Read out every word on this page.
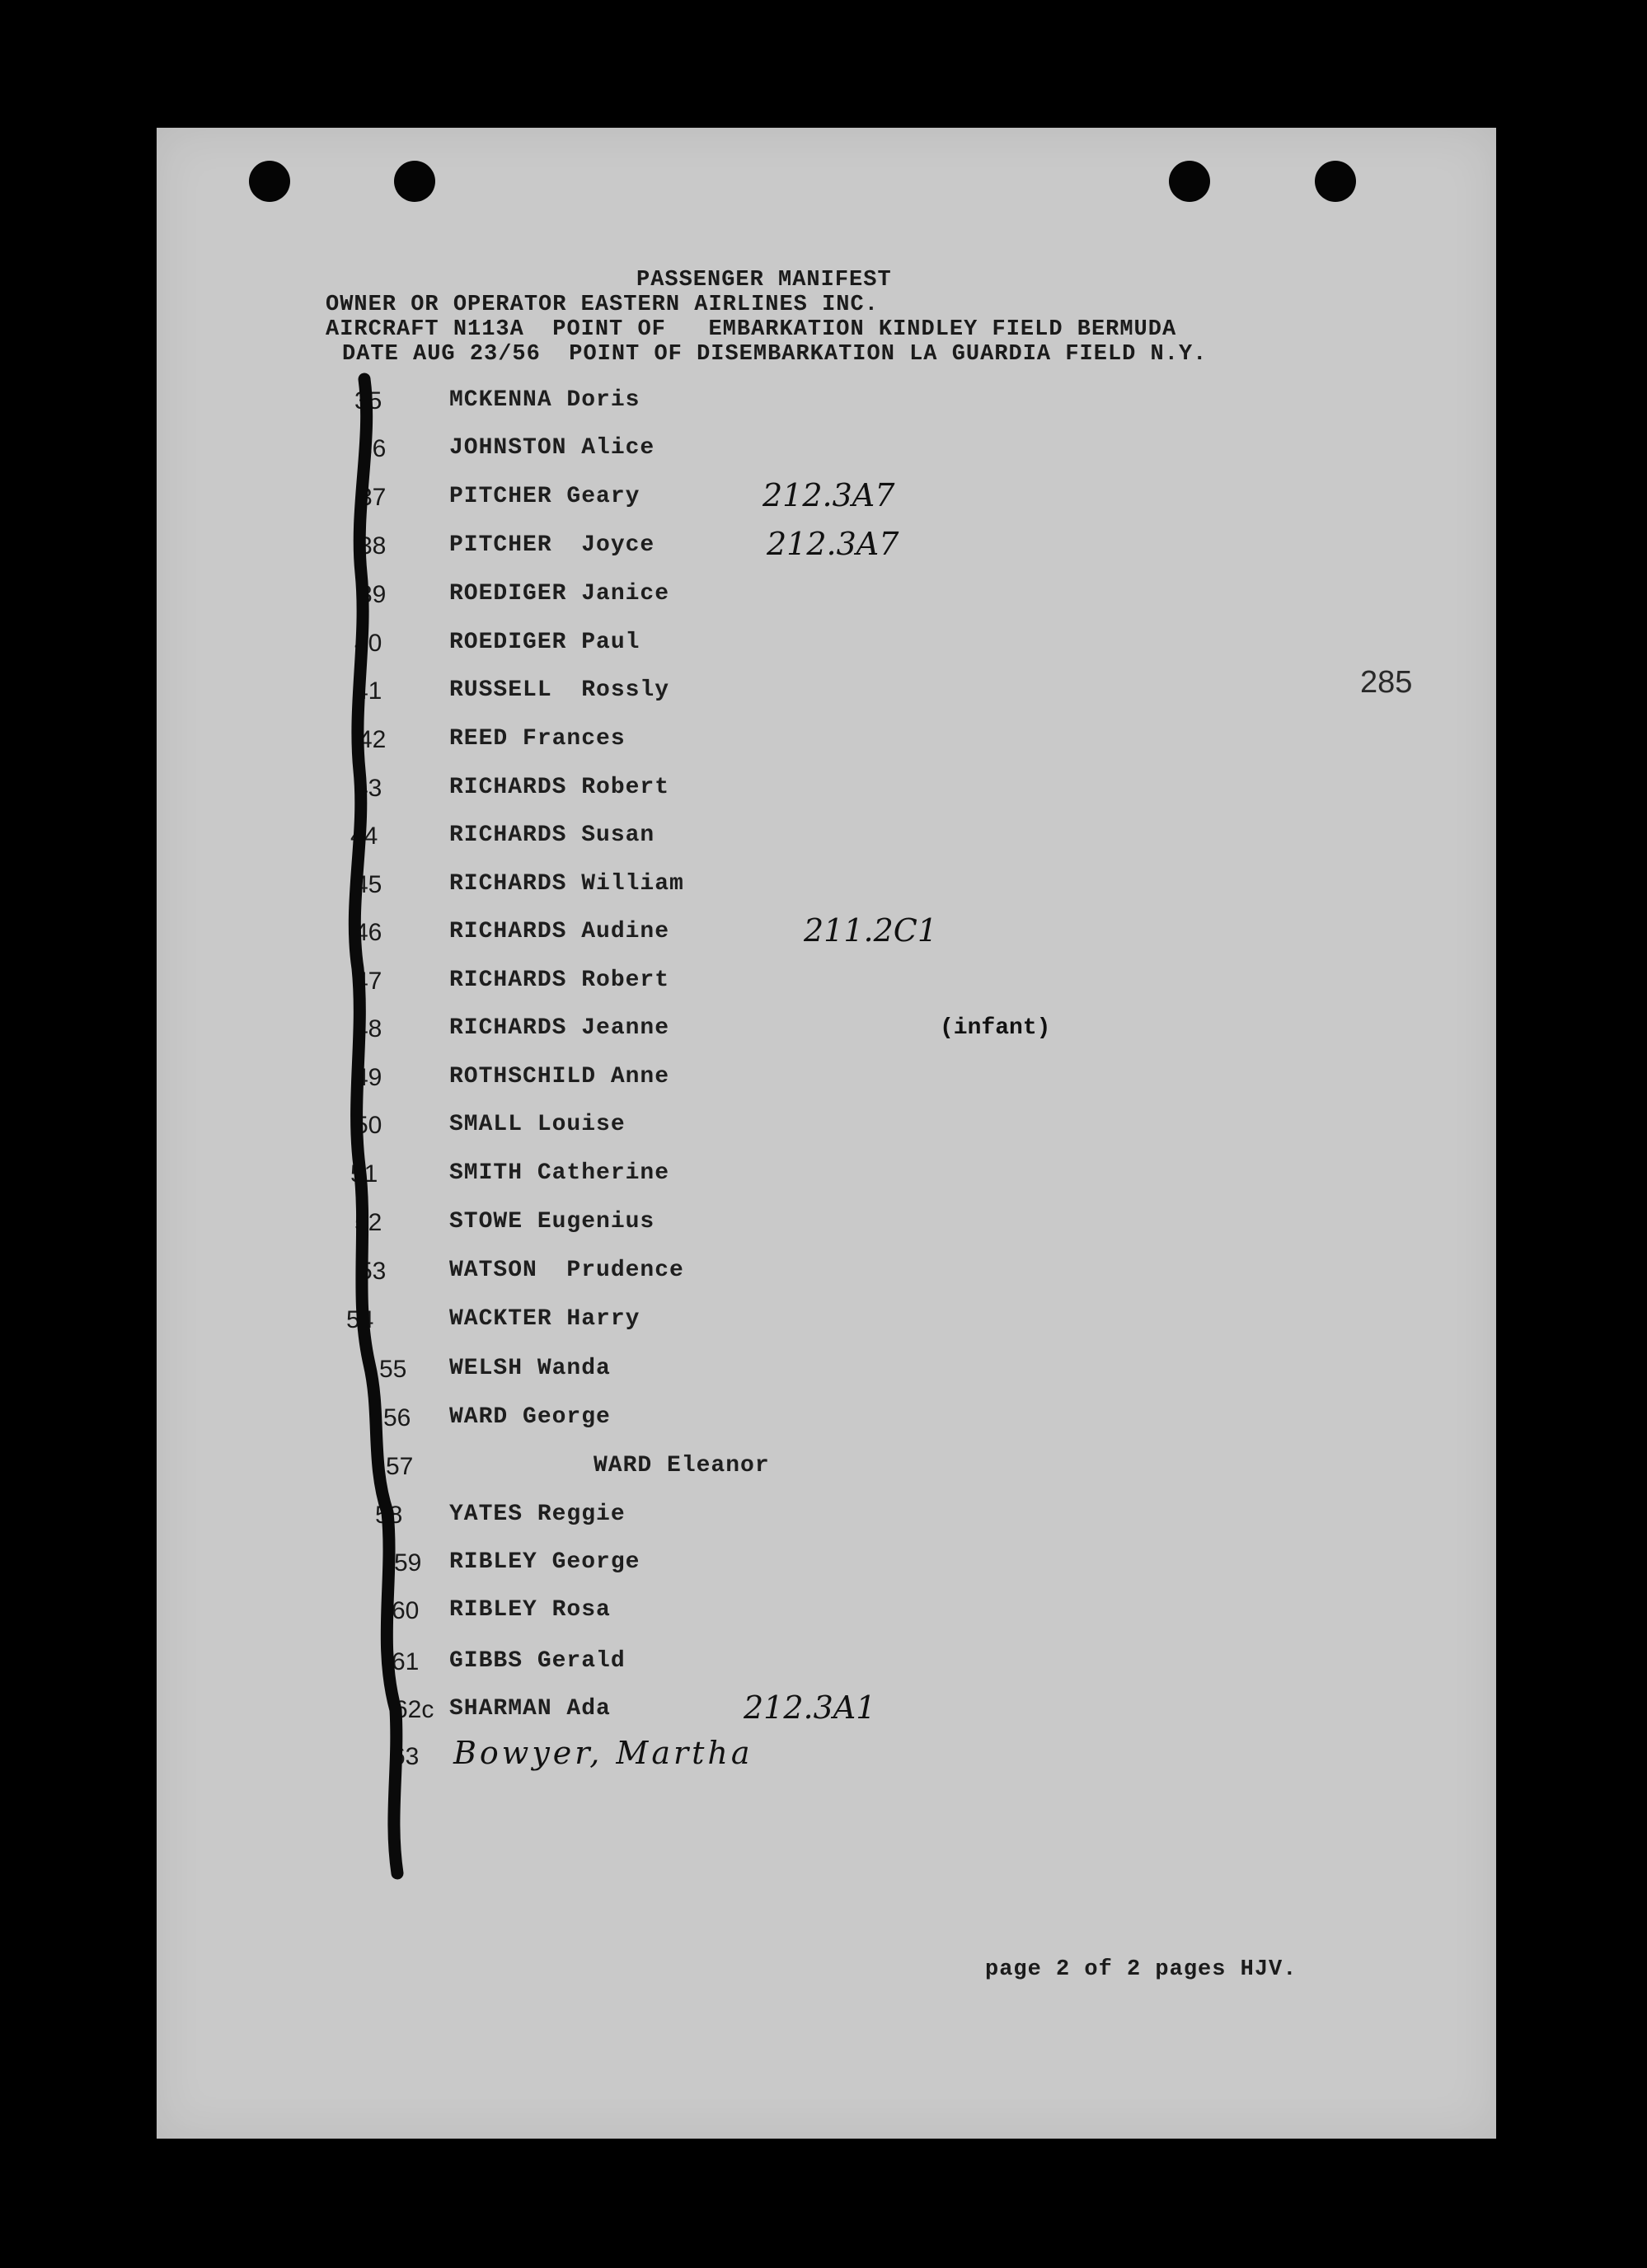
PASSENGER MANIFEST
OWNER OR OPERATOR EASTERN AIRLINES INC.
AIRCRAFT N113A  POINT OF   EMBARKATION KINDLEY FIELD BERMUDA
DATE AUG 23/56  POINT OF DISEMBARKATION LA GUARDIA FIELD N.Y.
285
35	MCKENNA Doris
36	JOHNSTON Alice
37	PITCHER Geary	212.3A7
38	PITCHER  Joyce	212.3A7
39	ROEDIGER Janice
40	ROEDIGER Paul
41	RUSSELL  Rossly
42	REED Frances
43	RICHARDS Robert
44	RICHARDS Susan
45	RICHARDS William
46	RICHARDS Audine	211.2C1
47	RICHARDS Robert
48	RICHARDS Jeanne	(infant)
49	ROTHSCHILD Anne
50	SMALL Louise
51	SMITH Catherine
52	STOWE Eugenius
53	WATSON  Prudence
54	WACKTER Harry
55 WELSH Wanda
56 WARD George
57	WARD Eleanor
58 YATES Reggie
59 RIBLEY George
60 RIBLEY Rosa
61 GIBBS Gerald
62c SHARMAN Ada	212.3A1
63 Bowyer, Martha
page 2 of 2 pages HJV.
